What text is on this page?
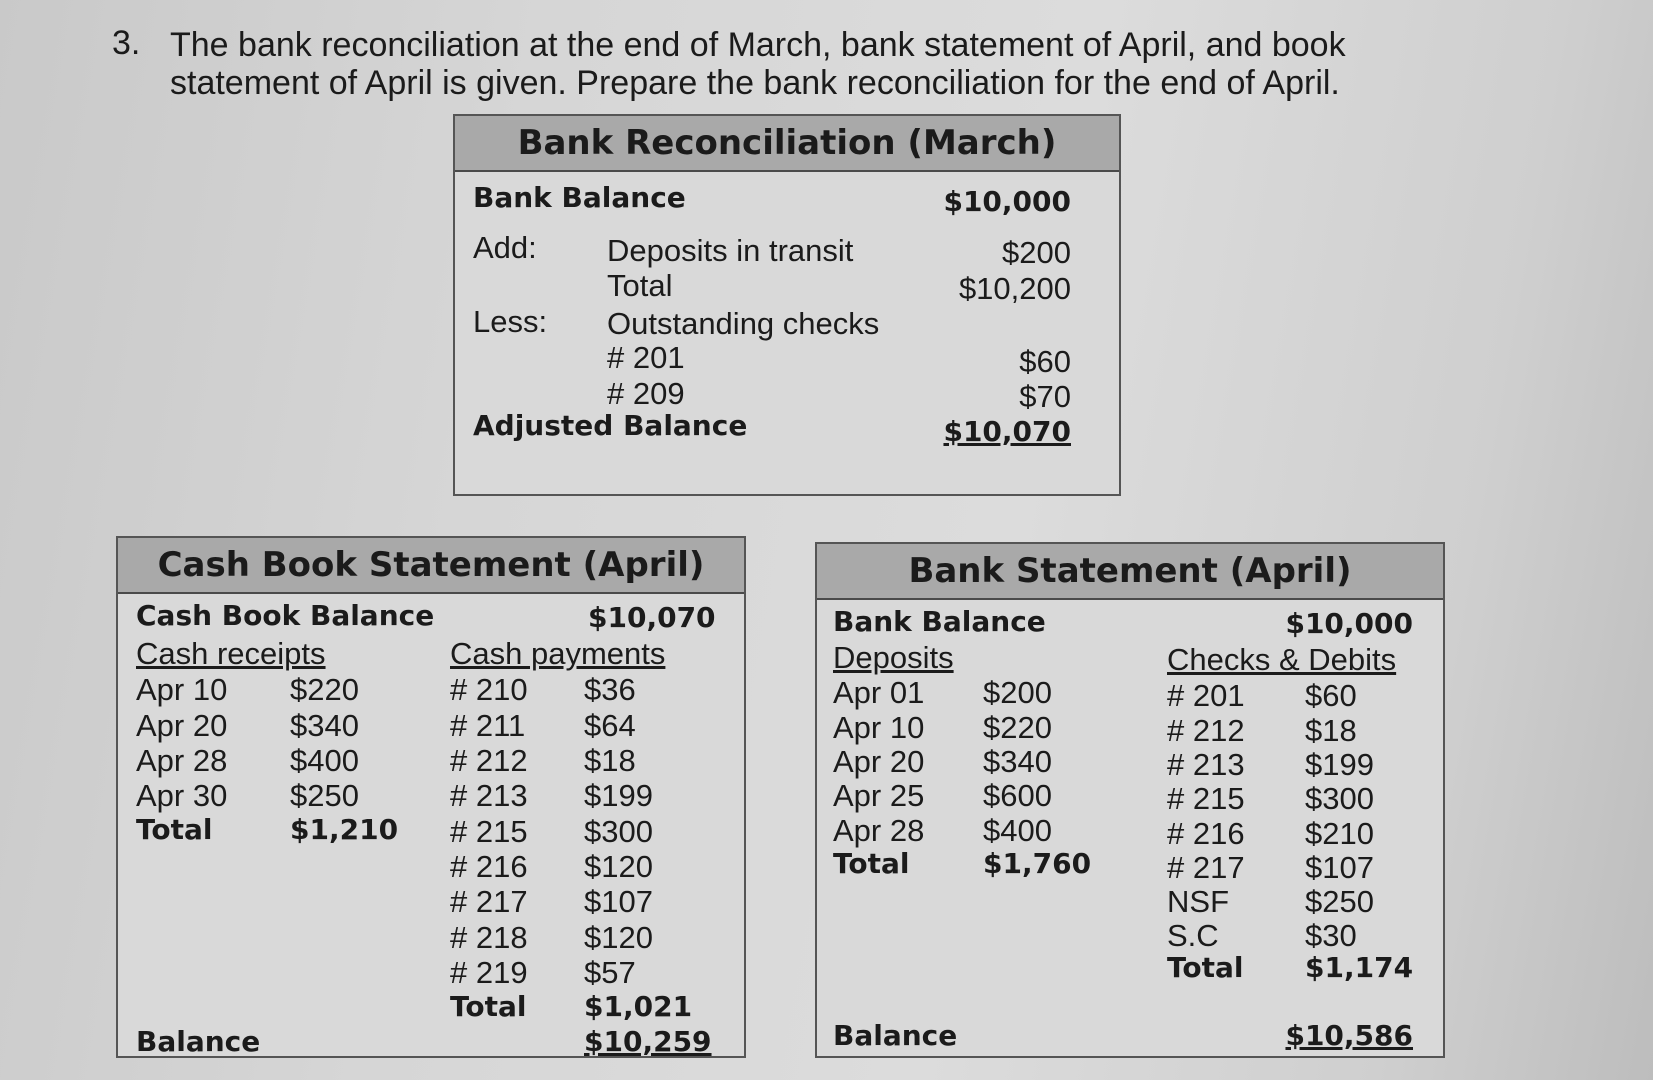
3. The bank reconciliation at the end of March, bank statement of April, and book
statement of April is given. Prepare the bank reconciliation for the end of April.
Bank Reconciliation (March)
Bank Balance	$10,000
Add: Deposits in transit	$200
Total	$10,200
Less: Outstanding checks
# 201	$60
# 209	$70
Adjusted Balance	$10,070
Cash Book Statement (April)
Cash Book Balance	$10,070
Cash receipts
Apr 10 $220
Apr 20 $340
Apr 28 $400
Apr 30 $250
Total	$1,210
Cash payments
# 210 $36
# 211 $64
# 212 $18
# 213 $199
# 215 $300
# 216 $120
# 217 $107
# 218 $120
# 219 $57
Total $1,021
Balance	$10,259
Bank Statement (April)
Bank Balance	$10,000
Deposits
Apr 01 $200
Apr 10 $220
Apr 20 $340
Apr 25 $600
Apr 28 $400
Total	$1,760
Checks & Debits
# 201 $60
# 212 $18
# 213 $199
# 215 $300
# 216 $210
# 217 $107
NSF $250
S.C	$30
Total $1,174
Balance	$10,586
